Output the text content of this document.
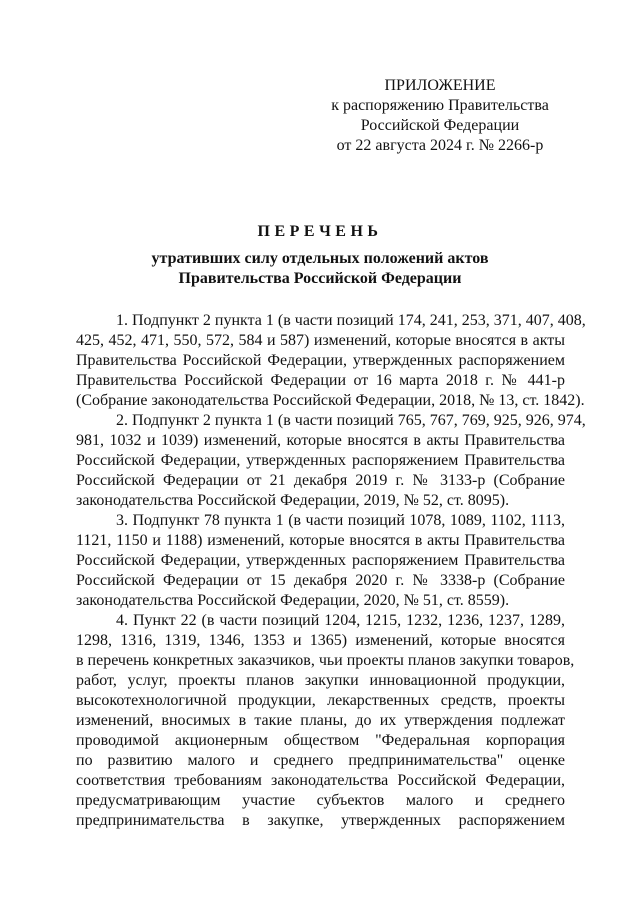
ПРИЛОЖЕНИЕ
к распоряжению Правительства
Российской Федерации
от 22 августа 2024 г. № 2266-р
ПЕРЕЧЕНЬ
утративших силу отдельных положений актов
Правительства Российской Федерации
1. Подпункт 2 пункта 1 (в части позиций 174, 241, 253, 371, 407, 408,
425, 452, 471, 550, 572, 584 и 587) изменений, которые вносятся в акты
Правительства Российской Федерации, утвержденных распоряжением
Правительства Российской Федерации от 16 марта 2018 г. № 441-р
(Собрание законодательства Российской Федерации, 2018, № 13, ст. 1842).
2. Подпункт 2 пункта 1 (в части позиций 765, 767, 769, 925, 926, 974,
981, 1032 и 1039) изменений, которые вносятся в акты Правительства
Российской Федерации, утвержденных распоряжением Правительства
Российской Федерации от 21 декабря 2019 г. № 3133-р (Собрание
законодательства Российской Федерации, 2019, № 52, ст. 8095).
3. Подпункт 78 пункта 1 (в части позиций 1078, 1089, 1102, 1113,
1121, 1150 и 1188) изменений, которые вносятся в акты Правительства
Российской Федерации, утвержденных распоряжением Правительства
Российской Федерации от 15 декабря 2020 г. № 3338-р (Собрание
законодательства Российской Федерации, 2020, № 51, ст. 8559).
4. Пункт 22 (в части позиций 1204, 1215, 1232, 1236, 1237, 1289,
1298, 1316, 1319, 1346, 1353 и 1365) изменений, которые вносятся
в перечень конкретных заказчиков, чьи проекты планов закупки товаров,
работ, услуг, проекты планов закупки инновационной продукции,
высокотехнологичной продукции, лекарственных средств, проекты
изменений, вносимых в такие планы, до их утверждения подлежат
проводимой акционерным обществом "Федеральная корпорация
по развитию малого и среднего предпринимательства" оценке
соответствия требованиям законодательства Российской Федерации,
предусматривающим участие субъектов малого и среднего
предпринимательства в закупке, утвержденных распоряжением
